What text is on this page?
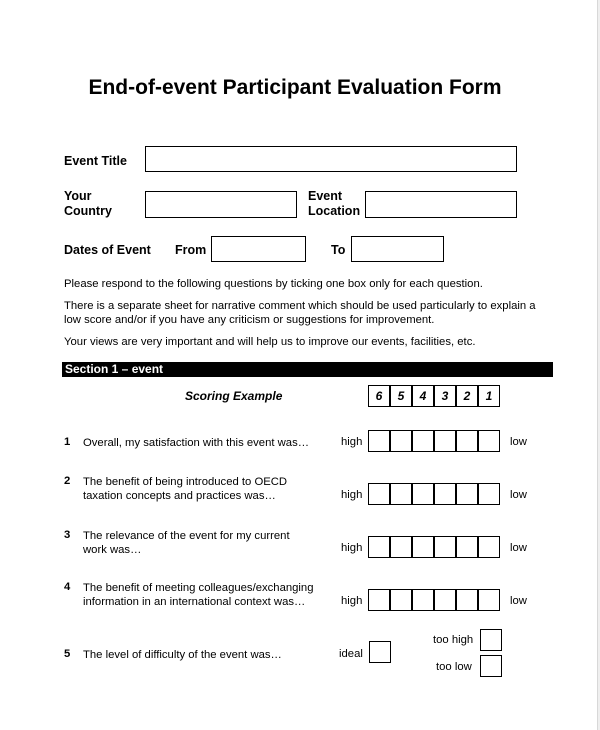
End-of-event Participant Evaluation Form
Event Title
Your Country
Event Location
Dates of Event From	To
Please respond to the following questions by ticking one box only for each question.
There is a separate sheet for narrative comment which should be used particularly to explain a low score and/or if you have any criticism or suggestions for improvement.
Your views are very important and will help us to improve our events, facilities, etc.
Section 1 – event
Scoring Example	6	5	4	3	2	1
1 Overall, my satisfaction with this event was…	high	low
2 The benefit of being introduced to OECD taxation concepts and practices was…	high	low
3 The relevance of the event for my current work was…	high	low
4 The benefit of meeting colleagues/exchanging information in an international context was…	high	low
5 The level of difficulty of the event was…	ideal
too high
too low
